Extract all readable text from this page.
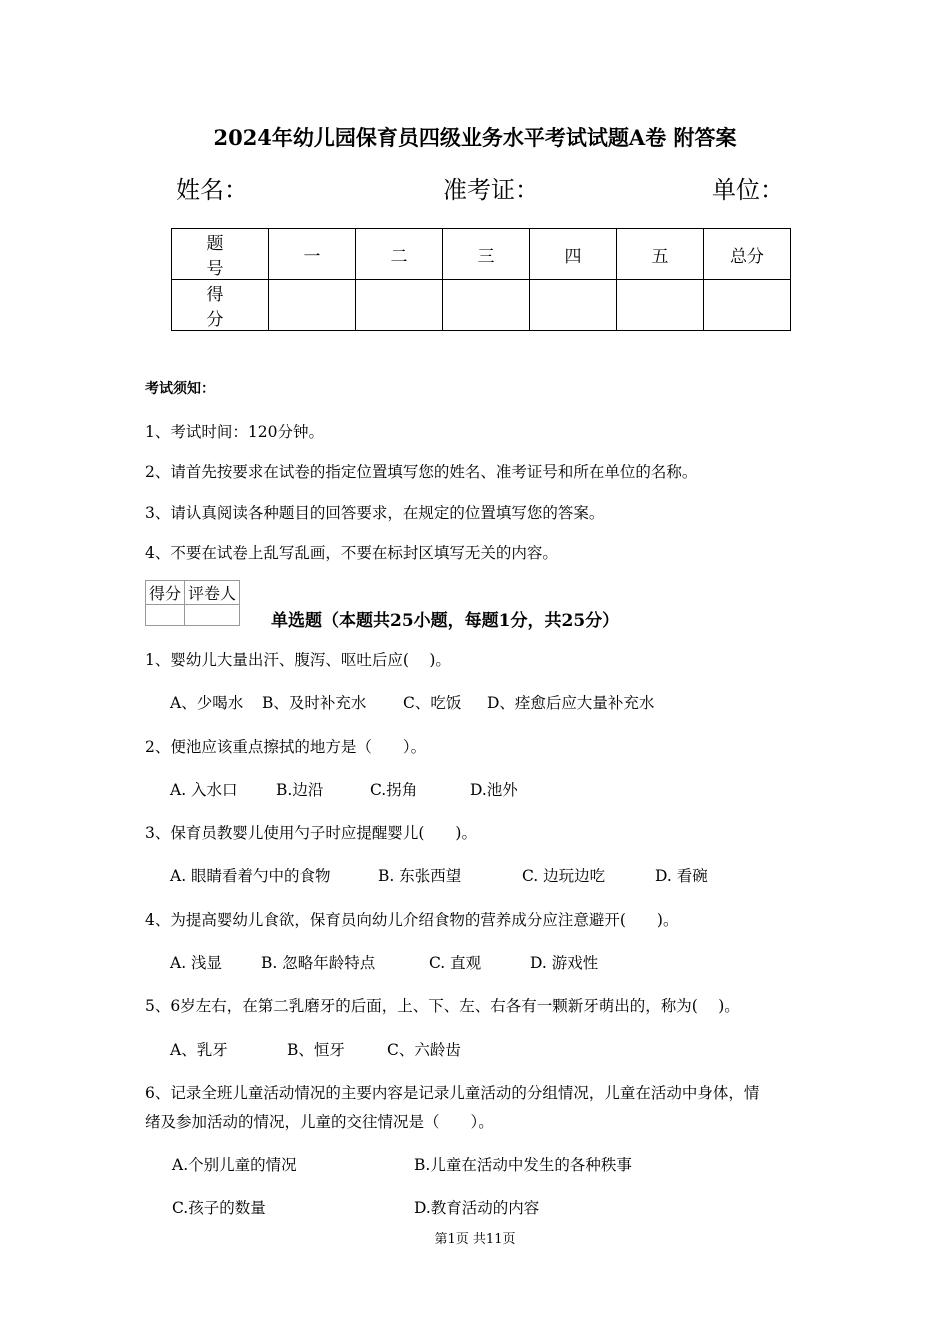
2024年幼儿园保育员四级业务水平考试试题A卷 附答案
姓名：	准考证：	单位：
题　号	一	二	三	四	五	总分
得　分						
考试须知：
1、考试时间：120分钟。
2、请首先按要求在试卷的指定位置填写您的姓名、准考证号和所在单位的名称。
3、请认真阅读各种题目的回答要求，在规定的位置填写您的答案。
4、不要在试卷上乱写乱画，不要在标封区填写无关的内容。
得分	评卷人

单选题（本题共25小题，每题1分，共25分）
1、婴幼儿大量出汗、腹泻、呕吐后应(　 )。
A、少喝水 B、及时补充水 C、吃饭 D、痊愈后应大量补充水
2、便池应该重点擦拭的地方是（　　）。
A. 入水口 B.边沿	C.拐角	D.池外
3、保育员教婴儿使用勺子时应提醒婴儿(　　)。
A. 眼睛看着勺中的食物	B. 东张西望	C. 边玩边吃	D. 看碗
4、为提高婴幼儿食欲，保育员向幼儿介绍食物的营养成分应注意避开(　　)。
A. 浅显	B. 忽略年龄特点	C. 直观	D. 游戏性
5、6岁左右，在第二乳磨牙的后面，上、下、左、右各有一颗新牙萌出的，称为(　 )。
A、乳牙	B、恒牙	C、六龄齿
6、记录全班儿童活动情况的主要内容是记录儿童活动的分组情况，儿童在活动中身体，情
绪及参加活动的情况，儿童的交往情况是（　　）。
A.个别儿童的情况	B.儿童在活动中发生的各种秩事
C.孩子的数量	D.教育活动的内容
第1页 共11页
